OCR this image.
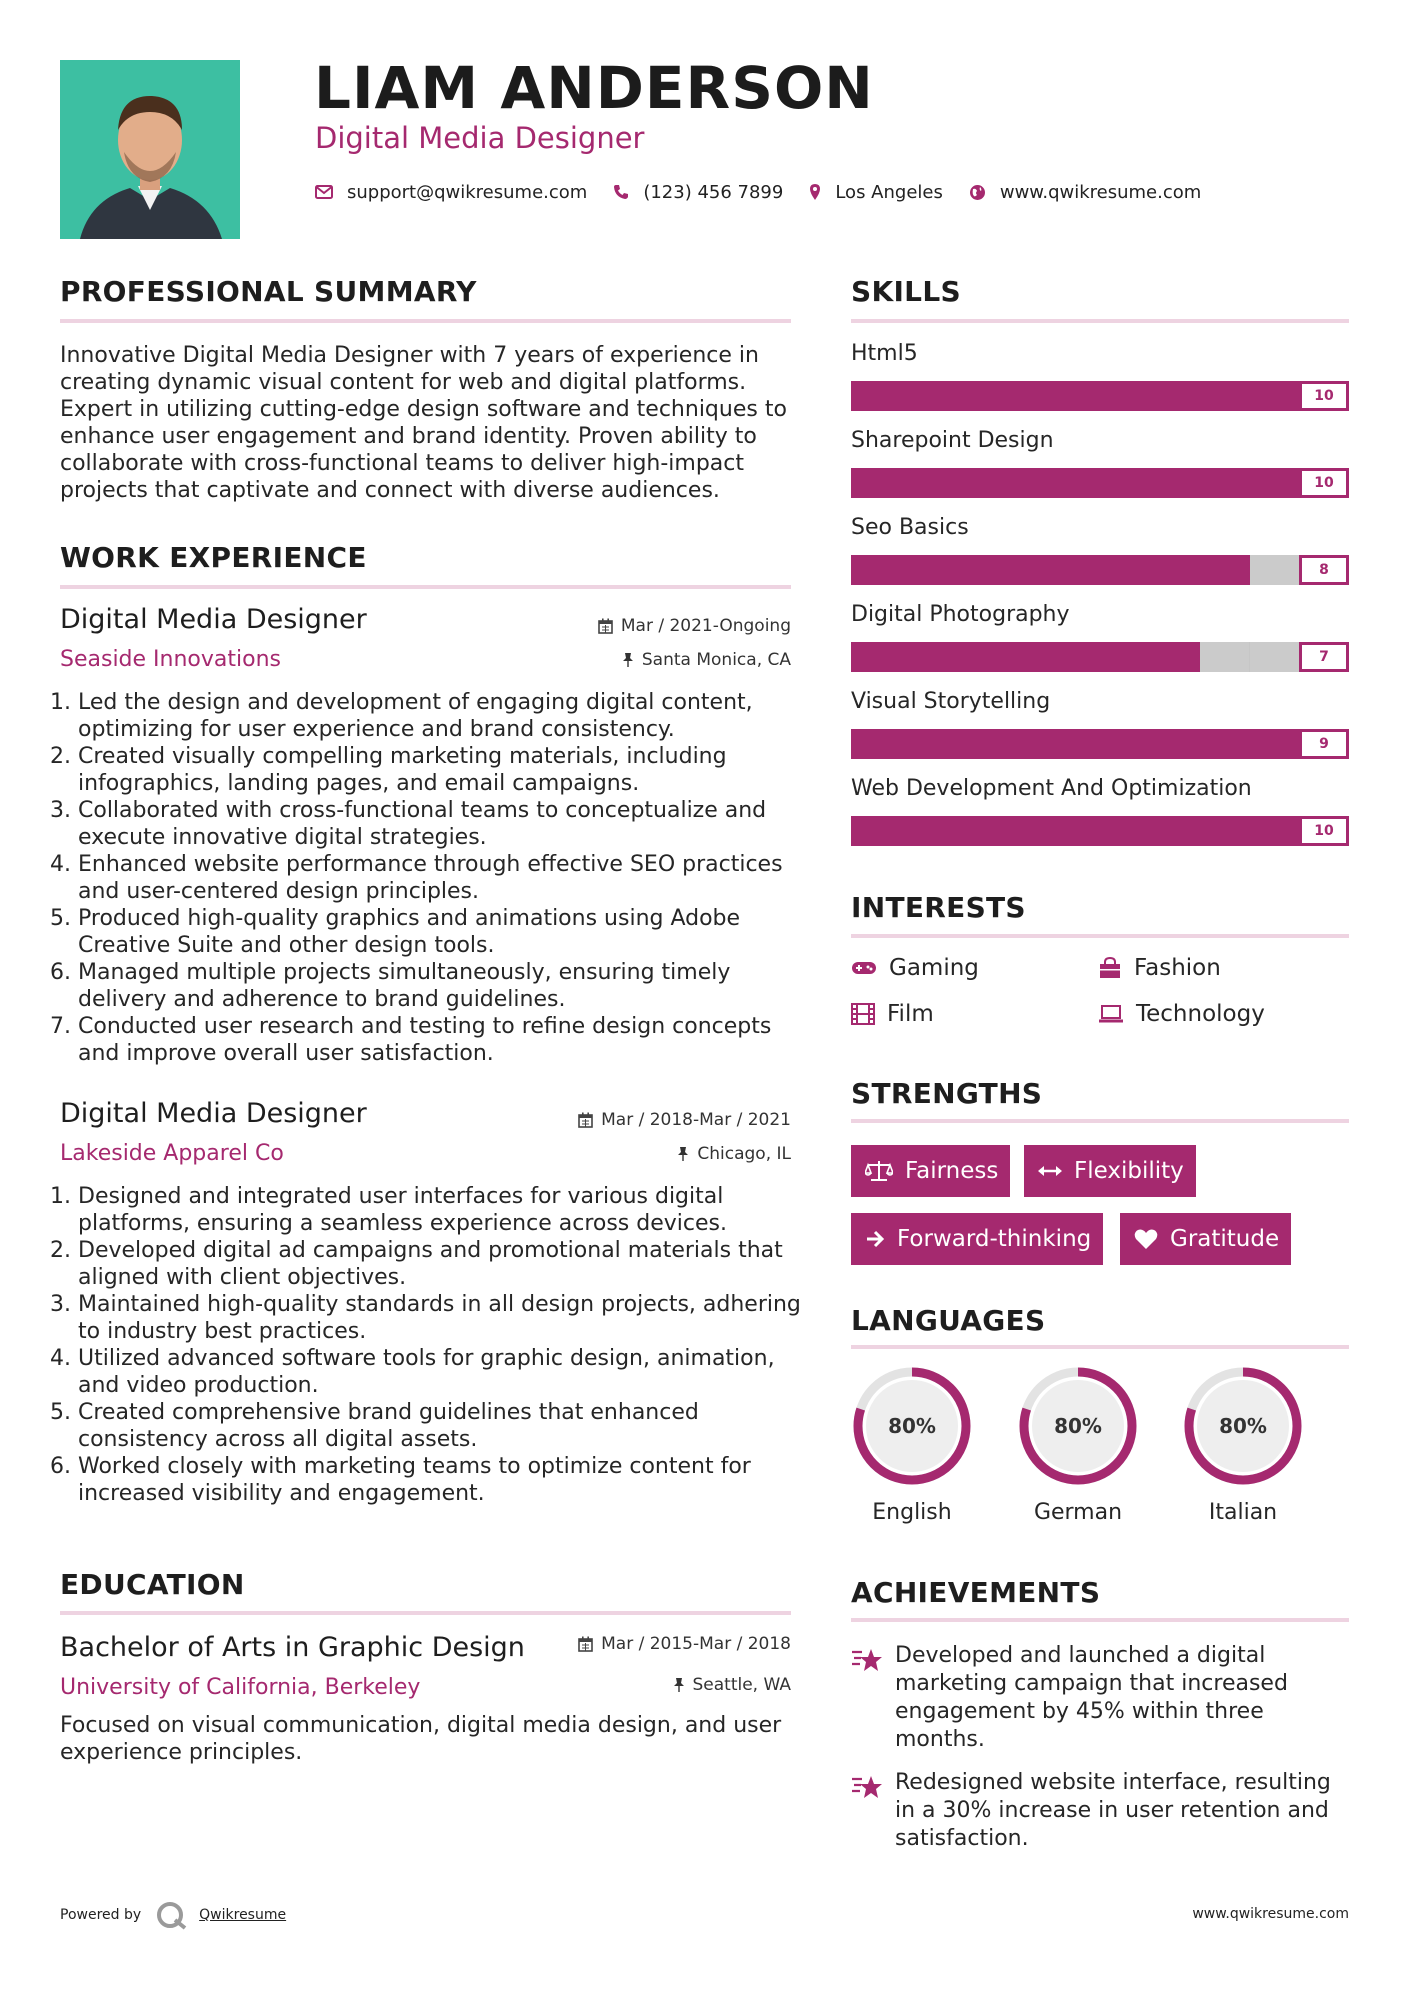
LIAM ANDERSON
Digital Media Designer
support@qwikresume.com	(123) 456 7899	Los Angeles	www.qwikresume.com
PROFESSIONAL SUMMARY
Innovative Digital Media Designer with 7 years of experience in creating dynamic visual content for web and digital platforms. Expert in utilizing cutting-edge design software and techniques to enhance user engagement and brand identity. Proven ability to collaborate with cross-functional teams to deliver high-impact projects that captivate and connect with diverse audiences.
WORK EXPERIENCE
Digital Media Designer	Mar / 2021-Ongoing
Seaside Innovations	Santa Monica, CA
1. Led the design and development of engaging digital content, optimizing for user experience and brand consistency.
2. Created visually compelling marketing materials, including infographics, landing pages, and email campaigns.
3. Collaborated with cross-functional teams to conceptualize and execute innovative digital strategies.
4. Enhanced website performance through effective SEO practices and user-centered design principles.
5. Produced high-quality graphics and animations using Adobe Creative Suite and other design tools.
6. Managed multiple projects simultaneously, ensuring timely delivery and adherence to brand guidelines.
7. Conducted user research and testing to refine design concepts and improve overall user satisfaction.
Digital Media Designer	Mar / 2018-Mar / 2021
Lakeside Apparel Co	Chicago, IL
1. Designed and integrated user interfaces for various digital platforms, ensuring a seamless experience across devices.
2. Developed digital ad campaigns and promotional materials that aligned with client objectives.
3. Maintained high-quality standards in all design projects, adhering to industry best practices.
4. Utilized advanced software tools for graphic design, animation, and video production.
5. Created comprehensive brand guidelines that enhanced consistency across all digital assets.
6. Worked closely with marketing teams to optimize content for increased visibility and engagement.
EDUCATION
Bachelor of Arts in Graphic Design	Mar / 2015-Mar / 2018
University of California, Berkeley	Seattle, WA
Focused on visual communication, digital media design, and user experience principles.
SKILLS
Html5
10
Sharepoint Design
10
Seo Basics
8
Digital Photography
7
Visual Storytelling
9
Web Development And Optimization
10
INTERESTS
Gaming	Fashion
Film	Technology
STRENGTHS
Fairness	Flexibility
Forward-thinking	Gratitude
LANGUAGES
80%
English
80%
German
80%
Italian
ACHIEVEMENTS
Developed and launched a digital marketing campaign that increased engagement by 45% within three months.
Redesigned website interface, resulting in a 30% increase in user retention and satisfaction.
Powered by	Qwikresume	www.qwikresume.com
